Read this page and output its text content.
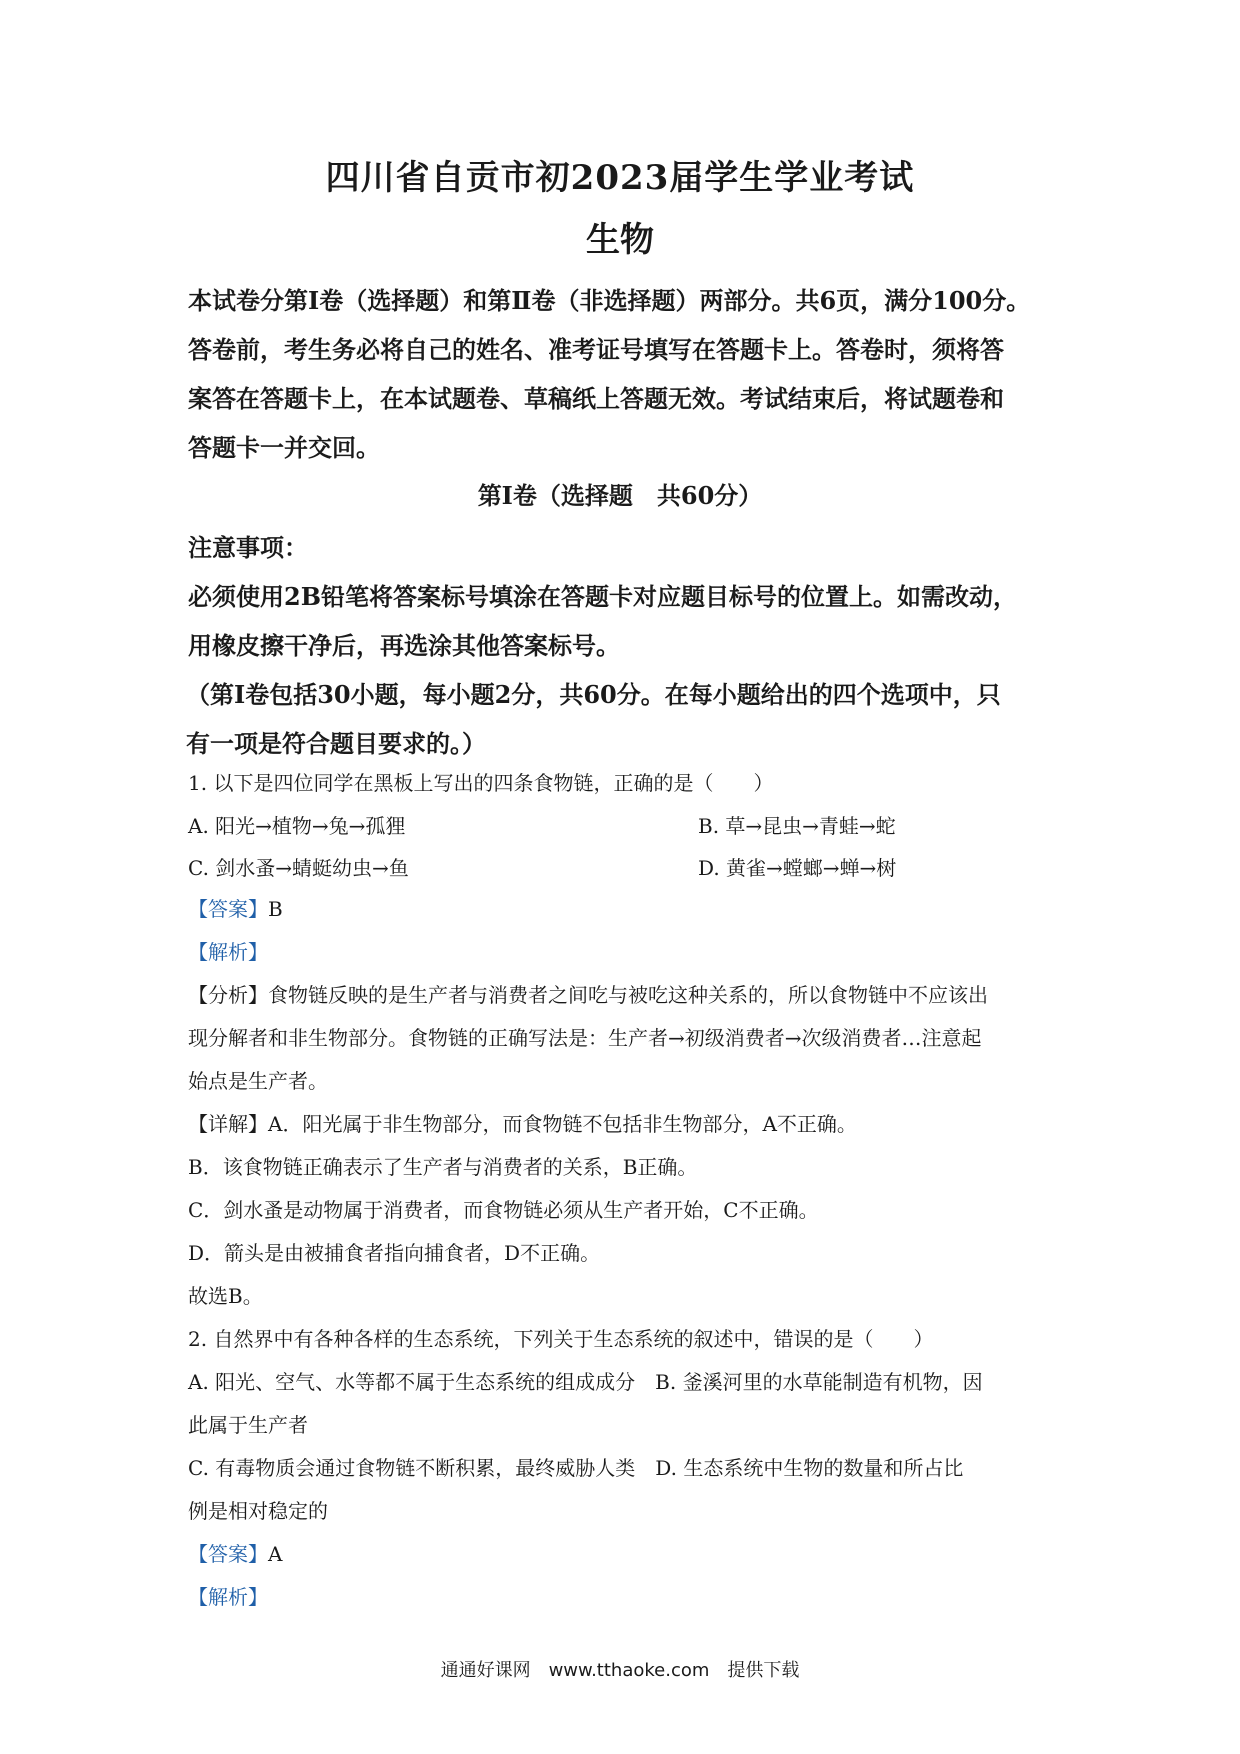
四川省自贡市初2023届学生学业考试
生物

本试卷分第Ⅰ卷（选择题）和第Ⅱ卷（非选择题）两部分。共6页，满分100分。

答卷前，考生务必将自己的姓名、准考证号填写在答题卡上。答卷时，须将答

案答在答题卡上，在本试题卷、草稿纸上答题无效。考试结束后，将试题卷和

答题卡一并交回。

第Ⅰ卷（选择题　共60分）
注意事项：
必须使用2B铅笔将答案标号填涂在答题卡对应题目标号的位置上。如需改动，
用橡皮擦干净后，再选涂其他答案标号。
（第Ⅰ卷包括30小题，每小题2分，共60分。在每小题给出的四个选项中，只
有一项是符合题目要求的。）
1. 以下是四位同学在黑板上写出的四条食物链，正确的是（　　）
A. 阳光→植物→兔→孤狸	B. 草→昆虫→青蛙→蛇
C. 剑水蚤→蜻蜓幼虫→鱼	D. 黄雀→螳螂→蝉→树
【答案】B
【解析】
【分析】食物链反映的是生产者与消费者之间吃与被吃这种关系的，所以食物链中不应该出
现分解者和非生物部分。食物链的正确写法是：生产者→初级消费者→次级消费者…注意起
始点是生产者。
【详解】A．阳光属于非生物部分，而食物链不包括非生物部分，A不正确。
B．该食物链正确表示了生产者与消费者的关系，B正确。
C．剑水蚤是动物属于消费者，而食物链必须从生产者开始，C不正确。
D．箭头是由被捕食者指向捕食者，D不正确。
故选B。
2. 自然界中有各种各样的生态系统，下列关于生态系统的叙述中，错误的是（　　）
A. 阳光、空气、水等都不属于生态系统的组成成分　B. 釜溪河里的水草能制造有机物，因
此属于生产者
C. 有毒物质会通过食物链不断积累，最终威胁人类　D. 生态系统中生物的数量和所占比
例是相对稳定的
【答案】A
【解析】
通通好课网　www.tthaoke.com　提供下载
